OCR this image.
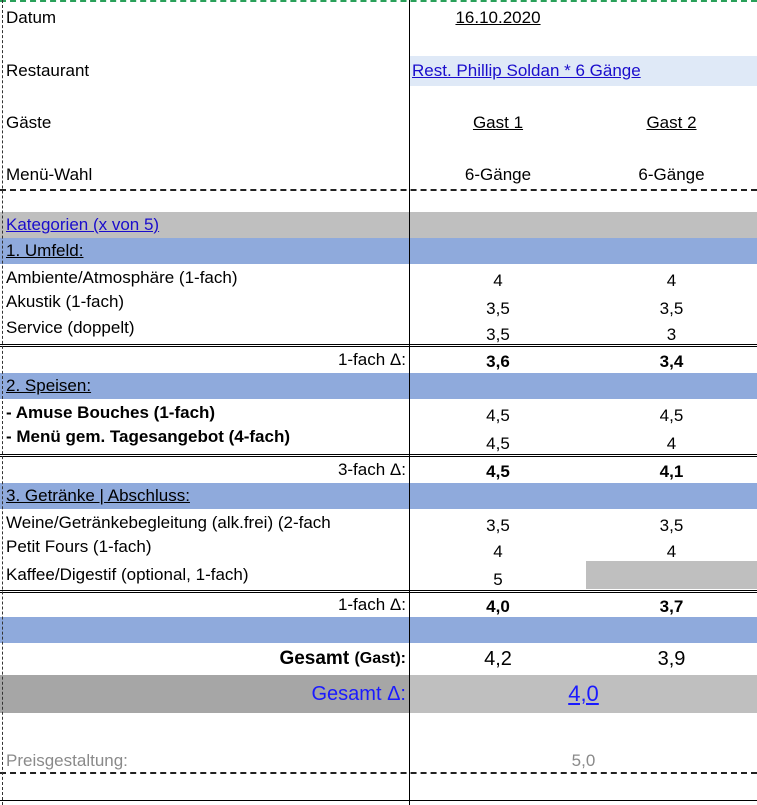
Datum	16.10.2020
Restaurant	Rest. Phillip Soldan * 6 Gänge
Gäste	Gast 1	Gast 2
Menü-Wahl	6-Gänge	6-Gänge
Kategorien (x von 5)
1. Umfeld:
Ambiente/Atmosphäre (1-fach)	4	4
Akustik (1-fach)	3,5	3,5
Service (doppelt)	3,5	3
1-fach Δ:	3,6	3,4
2. Speisen:
- Amuse Bouches (1-fach)	4,5	4,5
- Menü gem. Tagesangebot (4-fach)	4,5	4
3-fach Δ:	4,5	4,1
3. Getränke | Abschluss:
Weine/Getränkebegleitung (alk.frei) (2-fach	3,5	3,5
Petit Fours (1-fach)	4	4
Kaffee/Digestif (optional, 1-fach)	5
1-fach Δ:	4,0	3,7
Gesamt
(Gast):	4,2	3,9
Gesamt Δ:	4,0
Preisgestaltung:	5,0
